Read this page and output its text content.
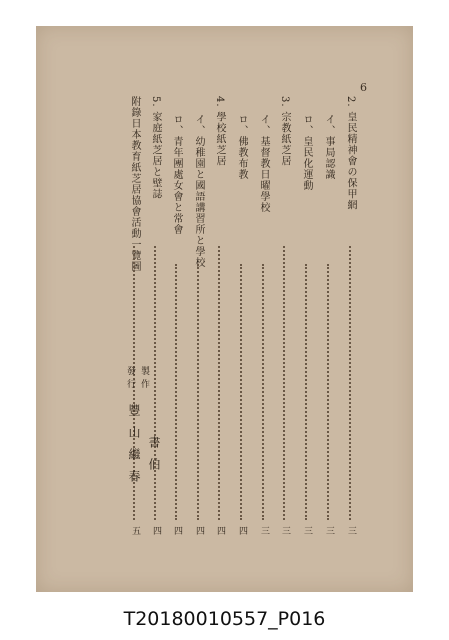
6
2. 皇民精神會の保甲網
三
イ、事局認識
三
ロ、皇民化運動
三
3. 宗教紙芝居
三
イ、基督教日曜學校
三
ロ、佛教布教
四
4. 學校紙芝居
四
イ、幼稚園と國語講習所と學校
四
ロ、青年團處女會と常會
四
5. 家庭紙芝居と壁誌
四
附錄日本教育紙芝居協會活動一覽圖
五
發行 製作
豐山繼春 書伯
T20180010557_P016
